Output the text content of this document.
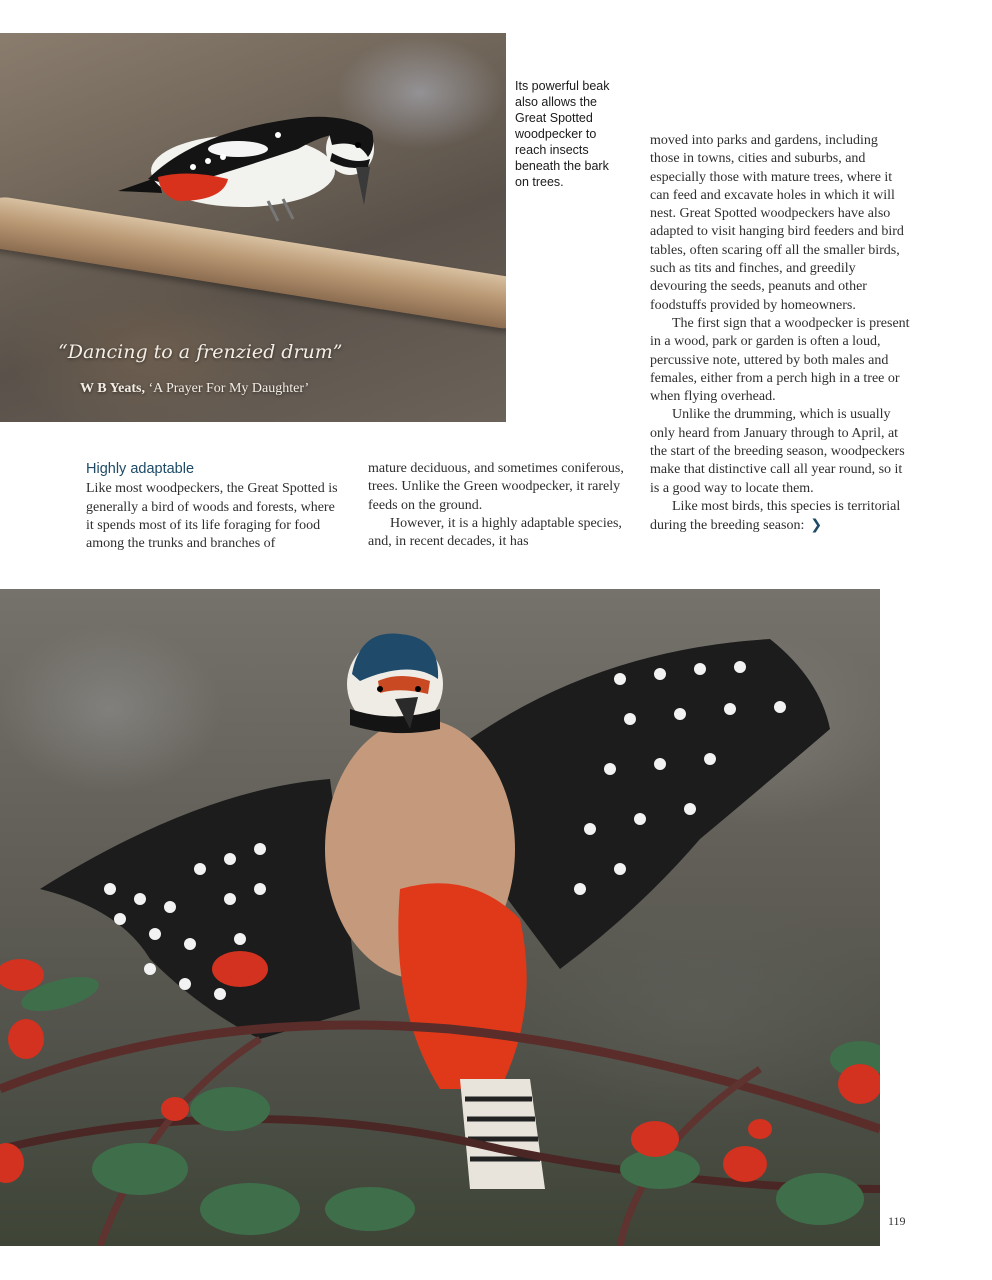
“Dancing to a frenzied drum”
W B Yeats, ‘A Prayer For My Daughter’
Its powerful beak
also allows the
Great Spotted
woodpecker to
reach insects
beneath the bark
on trees.
Highly adaptable

Like most woodpeckers, the Great Spotted is generally a bird of woods and forests, where it spends most of its life foraging for food among the trunks and branches of

mature deciduous, and sometimes coniferous, trees. Unlike the Green woodpecker, it rarely feeds on the ground.

However, it is a highly adaptable species, and, in recent decades, it has

moved into parks and gardens, including those in towns, cities and suburbs, and especially those with mature trees, where it can feed and excavate holes in which it will nest. Great Spotted woodpeckers have also adapted to visit hanging bird feeders and bird tables, often scaring off all the smaller birds, such as tits and finches, and greedily devouring the seeds, peanuts and other foodstuffs provided by homeowners.

The first sign that a woodpecker is present in a wood, park or garden is often a loud, percussive note, uttered by both males and females, either from a perch high in a tree or when flying overhead.

Unlike the drumming, which is usually only heard from January through to April, at the start of the breeding season, woodpeckers make that distinctive call all year round, so it is a good way to locate them.

Like most birds, this species is territorial during the breeding season: ❯

119
